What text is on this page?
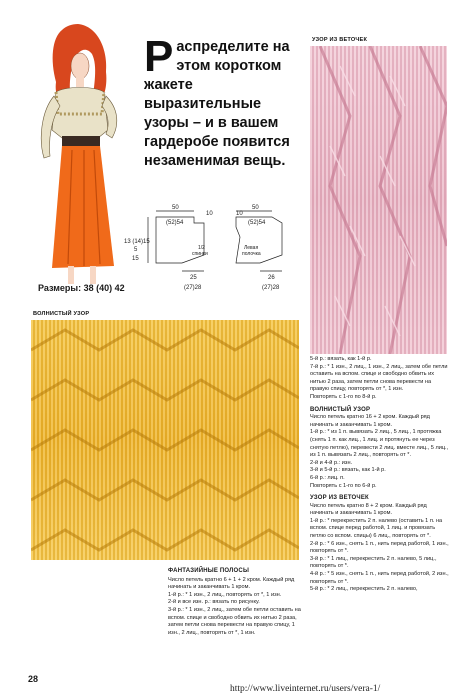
Р аспределите на этом коротком жакете выразительные узоры – и в вашем гардеробе появится незаменимая вещь.
УЗОР ИЗ ВЕТОЧЕК
50
(52)54
10
50
(52)54
10
13 (14)15
5
15
1/2
спинки
Левая
полочка
25
(27)28
26
(27)28
Размеры: 38 (40) 42
ВОЛНИСТЫЙ УЗОР

5-й р.: вязать, как 1-й р.

7-й р.: * 1 изн., 2 лиц., 1 изн., 2 лиц., затем обе петли оставить на вспом. спице и свободно обвить их нитью 2 раза, затем петли снова перевести на правую спицу, повторять от *, 1 изн.

Повторять с 1-го по 8-й р.

ВОЛНИСТЫЙ УЗОР

Число петель кратно 16 + 2 кром. Каждый ряд начинать и заканчивать 1 кром.

1-й р.: * из 1 п. вывязать 2 лиц., 5 лиц., 1 протяжка (снять 1 п. как лиц., 1 лиц. и протянуть ее через снятую петлю), перевести 2 лиц. вместе лиц., 5 лиц., из 1 п. вывязать 2 лиц., повторять от *.

2-й и 4-й р.: изн.

3-й и 5-й р.: вязать, как 1-й р.

6-й р.: лиц. п.

Повторять с 1-го по 6-й р.

УЗОР ИЗ ВЕТОЧЕК

Число петель кратно 8 + 2 кром. Каждый ряд начинать и заканчивать 1 кром.

1-й р.: * перекрестить 2 п. налево (оставить 1 п. на вспом. спице перед работой, 1 лиц. и провязать петлю со вспом. спицы) 6 лиц., повторять от *.

2-й р.: * 6 изн., снять 1 п., нить перед работой, 1 изн., повторять от *.

3-й р.: * 1 лиц., перекрестить 2 п. налево, 5 лиц., повторять от *.

4-й р.: * 5 изн., снять 1 п., нить перед работой, 2 изн., повторять от *.

5-й р.: * 2 лиц., перекрестить 2 п. налево,

ФАНТАЗИЙНЫЕ ПОЛОСЫ

Число петель кратно 6 + 1 + 2 кром. Каждый ряд начинать и заканчивать 1 кром.

1-й р.: * 1 изн., 2 лиц., повторять от *, 1 изн.

2-й и все изн. р.: вязать по рисунку.

3-й р.: * 1 изн., 2 лиц., затем обе петли оставить на вспом. спице и свободно обвить их нитью 2 раза, затем петли снова перевести на правую спицу, 1 изн., 2 лиц., повторять от *, 1 изн.

28
http://www.liveinternet.ru/users/vera-1/
